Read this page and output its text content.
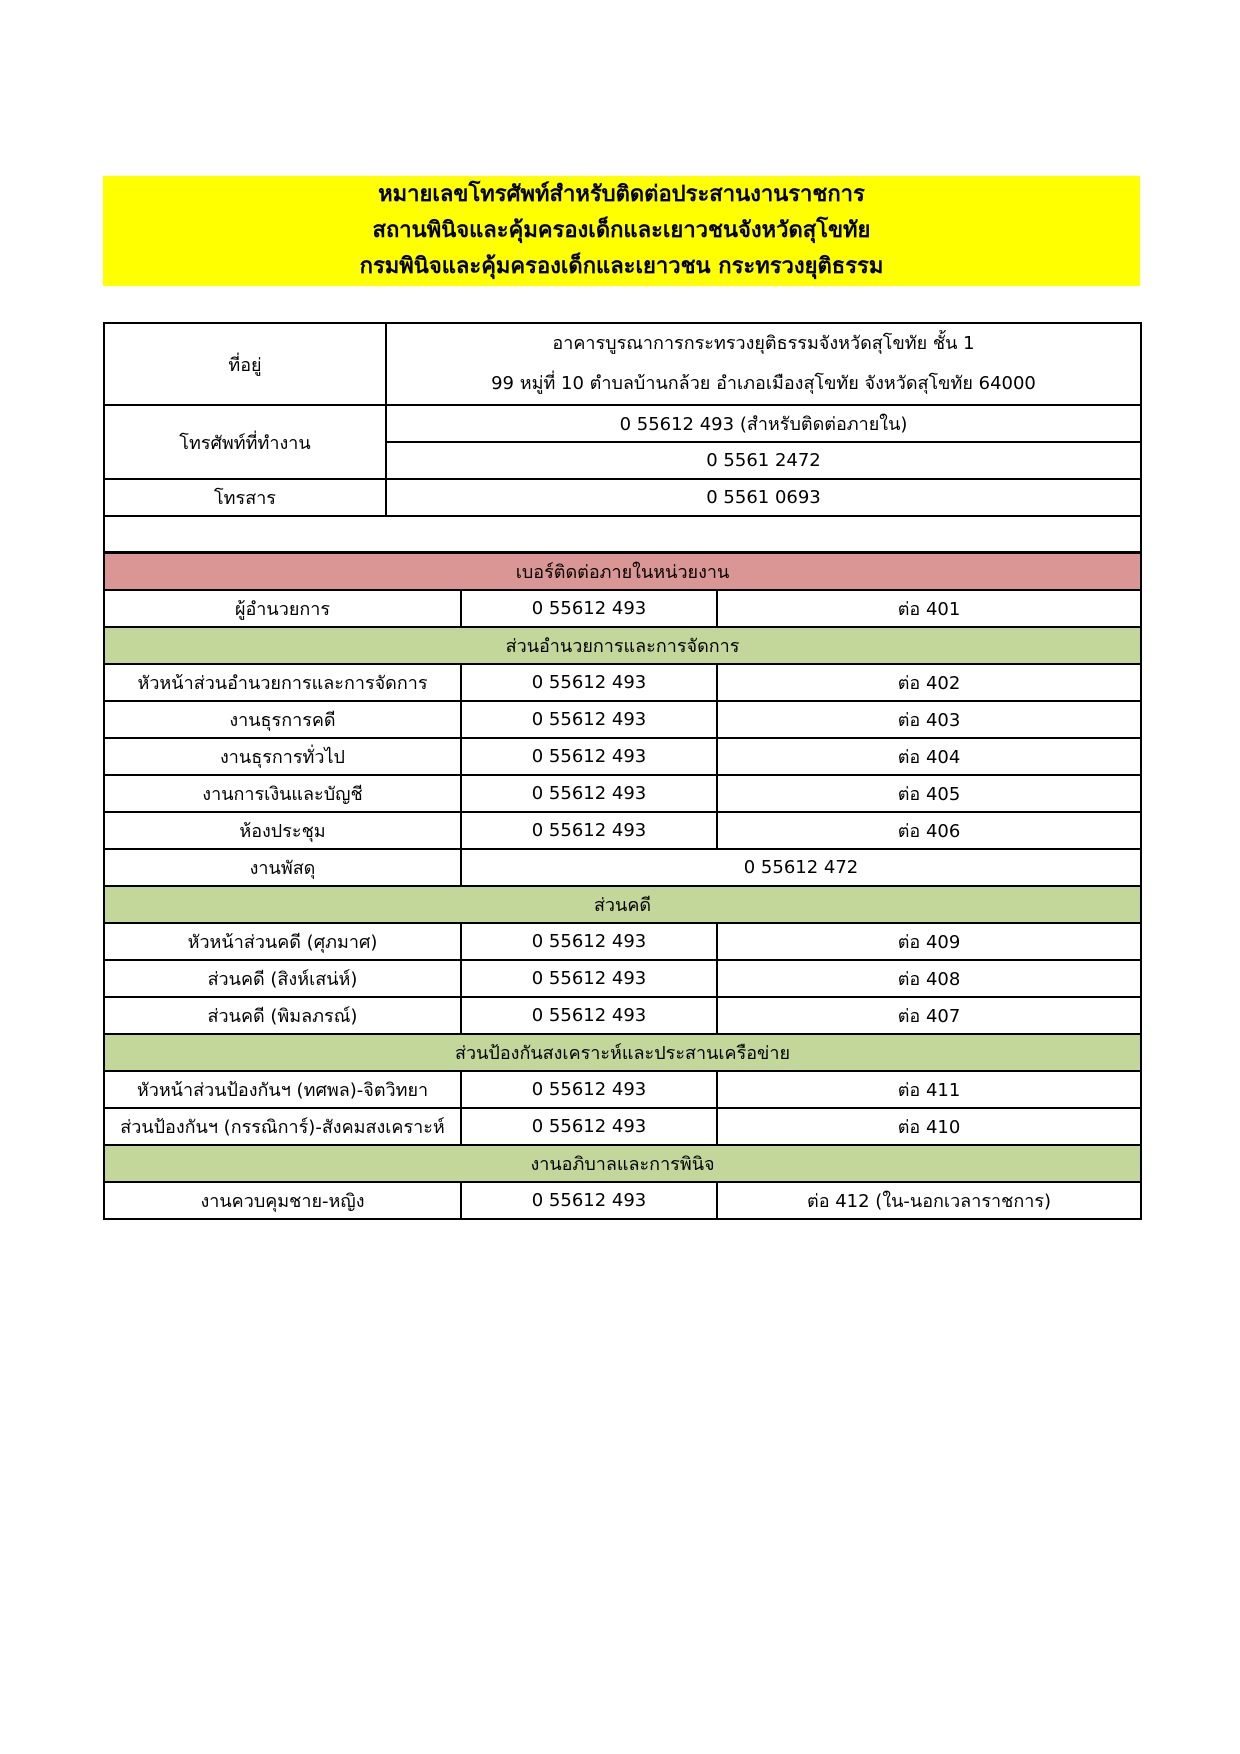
หมายเลขโทรศัพท์สำหรับติดต่อประสานงานราชการ
สถานพินิจและคุ้มครองเด็กและเยาวชนจังหวัดสุโขทัย
กรมพินิจและคุ้มครองเด็กและเยาวชน กระทรวงยุติธรรม
ที่อยู่	อาคารบูรณาการกระทรวงยุติธรรมจังหวัดสุโขทัย ชั้น 1
99 หมู่ที่ 10 ตำบลบ้านกล้วย อำเภอเมืองสุโขทัย จังหวัดสุโขทัย 64000

โทรศัพท์ที่ทำงาน	0 55612 493 (สำหรับติดต่อภายใน)
	0 5561 2472
โทรสาร	0 5561 0693

เบอร์ติดต่อภายในหน่วยงาน		
ผู้อำนวยการ	0 55612 493	ต่อ 401
ส่วนอำนวยการและการจัดการ		
หัวหน้าส่วนอำนวยการและการจัดการ	0 55612 493	ต่อ 402
งานธุรการคดี	0 55612 493	ต่อ 403
งานธุรการทั่วไป	0 55612 493	ต่อ 404
งานการเงินและบัญชี	0 55612 493	ต่อ 405
ห้องประชุม	0 55612 493	ต่อ 406
งานพัสดุ	0 55612 472	
ส่วนคดี		
หัวหน้าส่วนคดี (ศุภมาศ)	0 55612 493	ต่อ 409
ส่วนคดี (สิงห์เสน่ห์)	0 55612 493	ต่อ 408
ส่วนคดี (พิมลภรณ์)	0 55612 493	ต่อ 407
ส่วนป้องกันสงเคราะห์และประสานเครือข่าย		
หัวหน้าส่วนป้องกันฯ (ทศพล)-จิตวิทยา	0 55612 493	ต่อ 411
ส่วนป้องกันฯ (กรรณิการ์)-สังคมสงเคราะห์	0 55612 493	ต่อ 410
งานอภิบาลและการพินิจ		
งานควบคุมชาย-หญิง	0 55612 493	ต่อ 412 (ใน-นอกเวลาราชการ)
